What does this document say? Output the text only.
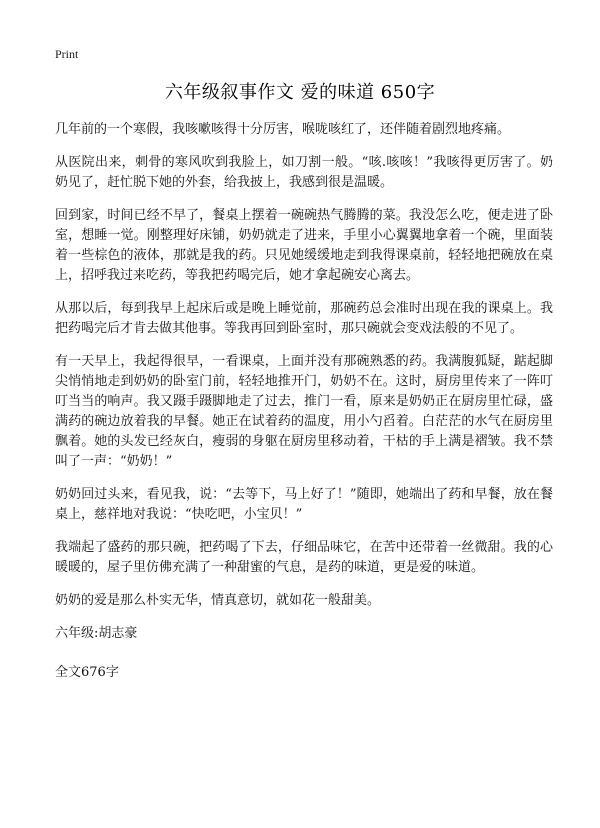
Print
六年级叙事作文 爱的味道 650字

几年前的一个寒假，我咳嗽咳得十分厉害，喉咙咳红了，还伴随着剧烈地疼痛。

从医院出来，刺骨的寒风吹到我脸上，如刀割一般。“咳.咳咳！”我咳得更厉害了。奶奶见了，赶忙脱下她的外套，给我披上，我感到很是温暖。

回到家，时间已经不早了，餐桌上摆着一碗碗热气腾腾的菜。我没怎么吃，便走进了卧室，想睡一觉。刚整理好床铺，奶奶就走了进来，手里小心翼翼地拿着一个碗，里面装着一些棕色的液体，那就是我的药。只见她缓缓地走到我得课桌前，轻轻地把碗放在桌上，招呼我过来吃药，等我把药喝完后，她才拿起碗安心离去。

从那以后，每到我早上起床后或是晚上睡觉前，那碗药总会准时出现在我的课桌上。我把药喝完后才肯去做其他事。等我再回到卧室时，那只碗就会变戏法般的不见了。

有一天早上，我起得很早，一看课桌，上面并没有那碗熟悉的药。我满腹狐疑，踮起脚尖悄悄地走到奶奶的卧室门前，轻轻地推开门，奶奶不在。这时，厨房里传来了一阵叮叮当当的响声。我又蹑手蹑脚地走了过去，推门一看，原来是奶奶正在厨房里忙碌，盛满药的碗边放着我的早餐。她正在试着药的温度，用小勺舀着。白茫茫的水气在厨房里飘着。她的头发已经灰白，瘦弱的身躯在厨房里移动着，干枯的手上满是褶皱。我不禁叫了一声：“奶奶！”

奶奶回过头来，看见我，说：“去等下，马上好了！”随即，她端出了药和早餐，放在餐桌上，慈祥地对我说：“快吃吧，小宝贝！”

我端起了盛药的那只碗，把药喝了下去，仔细品味它，在苦中还带着一丝微甜。我的心暖暖的，屋子里仿佛充满了一种甜蜜的气息，是药的味道，更是爱的味道。

奶奶的爱是那么朴实无华，情真意切，就如花一般甜美。

六年级:胡志豪
全文676字
